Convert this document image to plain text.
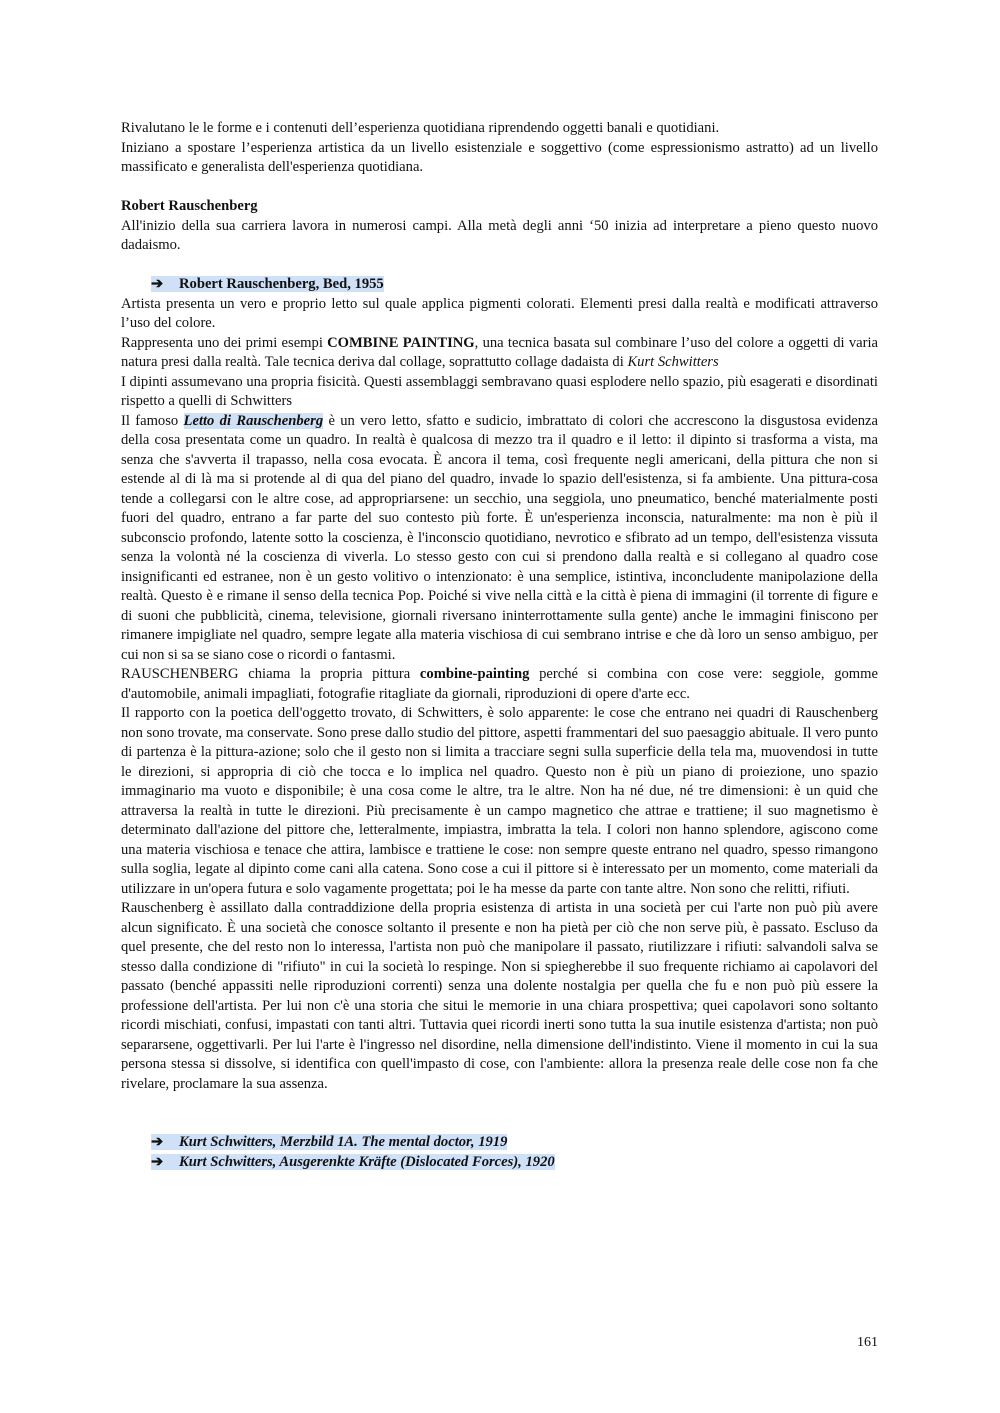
Rivalutano le le forme e i contenuti dell’esperienza quotidiana riprendendo oggetti banali e quotidiani.

Iniziano a spostare l’esperienza artistica da un livello esistenziale e soggettivo (come espressionismo astratto) ad un livello massificato e generalista dell'esperienza quotidiana.

Robert Rauschenberg

All'inizio della sua carriera lavora in numerosi campi. Alla metà degli anni ‘50 inizia ad interpretare a pieno questo nuovo dadaismo.

➔ Robert Rauschenberg, Bed, 1955

Artista presenta un vero e proprio letto sul quale applica pigmenti colorati. Elementi presi dalla realtà e modificati attraverso l’uso del colore.

Rappresenta uno dei primi esempi COMBINE PAINTING, una tecnica basata sul combinare l’uso del colore a oggetti di varia natura presi dalla realtà. Tale tecnica deriva dal collage, soprattutto collage dadaista di Kurt Schwitters

I dipinti assumevano una propria fisicità. Questi assemblaggi sembravano quasi esplodere nello spazio, più esagerati e disordinati rispetto a quelli di Schwitters

Il famoso Letto di Rauschenberg è un vero letto, sfatto e sudicio, imbrattato di colori che accrescono la disgustosa evidenza della cosa presentata come un quadro. In realtà è qualcosa di mezzo tra il quadro e il letto: il dipinto si trasforma a vista, ma senza che s'avverta il trapasso, nella cosa evocata. È ancora il tema, così frequente negli americani, della pittura che non si estende al di là ma si protende al di qua del piano del quadro, invade lo spazio dell'esistenza, si fa ambiente. Una pittura-cosa tende a collegarsi con le altre cose, ad appropriarsene: un secchio, una seggiola, uno pneumatico, benché materialmente posti fuori del quadro, entrano a far parte del suo contesto più forte. È un'esperienza inconscia, naturalmente: ma non è più il subconscio profondo, latente sotto la coscienza, è l'inconscio quotidiano, nevrotico e sfibrato ad un tempo, dell'esistenza vissuta senza la volontà né la coscienza di viverla. Lo stesso gesto con cui si prendono dalla realtà e si collegano al quadro cose insignificanti ed estranee, non è un gesto volitivo o intenzionato: è una semplice, istintiva, inconcludente manipolazione della realtà. Questo è e rimane il senso della tecnica Pop. Poiché si vive nella città e la città è piena di immagini (il torrente di figure e di suoni che pubblicità, cinema, televisione, giornali riversano ininterrottamente sulla gente) anche le immagini finiscono per rimanere impigliate nel quadro, sempre legate alla materia vischiosa di cui sembrano intrise e che dà loro un senso ambiguo, per cui non si sa se siano cose o ricordi o fantasmi.

RAUSCHENBERG chiama la propria pittura combine-painting perché si combina con cose vere: seggiole, gomme d'automobile, animali impagliati, fotografie ritagliate da giornali, riproduzioni di opere d'arte ecc.

Il rapporto con la poetica dell'oggetto trovato, di Schwitters, è solo apparente: le cose che entrano nei quadri di Rauschenberg non sono trovate, ma conservate. Sono prese dallo studio del pittore, aspetti frammentari del suo paesaggio abituale. Il vero punto di partenza è la pittura-azione; solo che il gesto non si limita a tracciare segni sulla superficie della tela ma, muovendosi in tutte le direzioni, si appropria di ciò che tocca e lo implica nel quadro. Questo non è più un piano di proiezione, uno spazio immaginario ma vuoto e disponibile; è una cosa come le altre, tra le altre. Non ha né due, né tre dimensioni: è un quid che attraversa la realtà in tutte le direzioni. Più precisamente è un campo magnetico che attrae e trattiene; il suo magnetismo è determinato dall'azione del pittore che, letteralmente, impiastra, imbratta la tela. I colori non hanno splendore, agiscono come una materia vischiosa e tenace che attira, lambisce e trattiene le cose: non sempre queste entrano nel quadro, spesso rimangono sulla soglia, legate al dipinto come cani alla catena. Sono cose a cui il pittore si è interessato per un momento, come materiali da utilizzare in un'opera futura e solo vagamente progettata; poi le ha messe da parte con tante altre. Non sono che relitti, rifiuti.

Rauschenberg è assillato dalla contraddizione della propria esistenza di artista in una società per cui l'arte non può più avere alcun significato. È una società che conosce soltanto il presente e non ha pietà per ciò che non serve più, è passato. Escluso da quel presente, che del resto non lo interessa, l'artista non può che manipolare il passato, riutilizzare i rifiuti: salvandoli salva se stesso dalla condizione di "rifiuto" in cui la società lo respinge. Non si spiegherebbe il suo frequente richiamo ai capolavori del passato (benché appassiti nelle riproduzioni correnti) senza una dolente nostalgia per quella che fu e non può più essere la professione dell'artista. Per lui non c'è una storia che situi le memorie in una chiara prospettiva; quei capolavori sono soltanto ricordi mischiati, confusi, impastati con tanti altri. Tuttavia quei ricordi inerti sono tutta la sua inutile esistenza d'artista; non può separarsene, oggettivarli. Per lui l'arte è l'ingresso nel disordine, nella dimensione dell'indistinto. Viene il momento in cui la sua persona stessa si dissolve, si identifica con quell'impasto di cose, con l'ambiente: allora la presenza reale delle cose non fa che rivelare, proclamare la sua assenza.

➔ Kurt Schwitters, Merzbild 1A. The mental doctor, 1919

➔ Kurt Schwitters, Ausgerenkte Kräfte (Dislocated Forces), 1920

161
